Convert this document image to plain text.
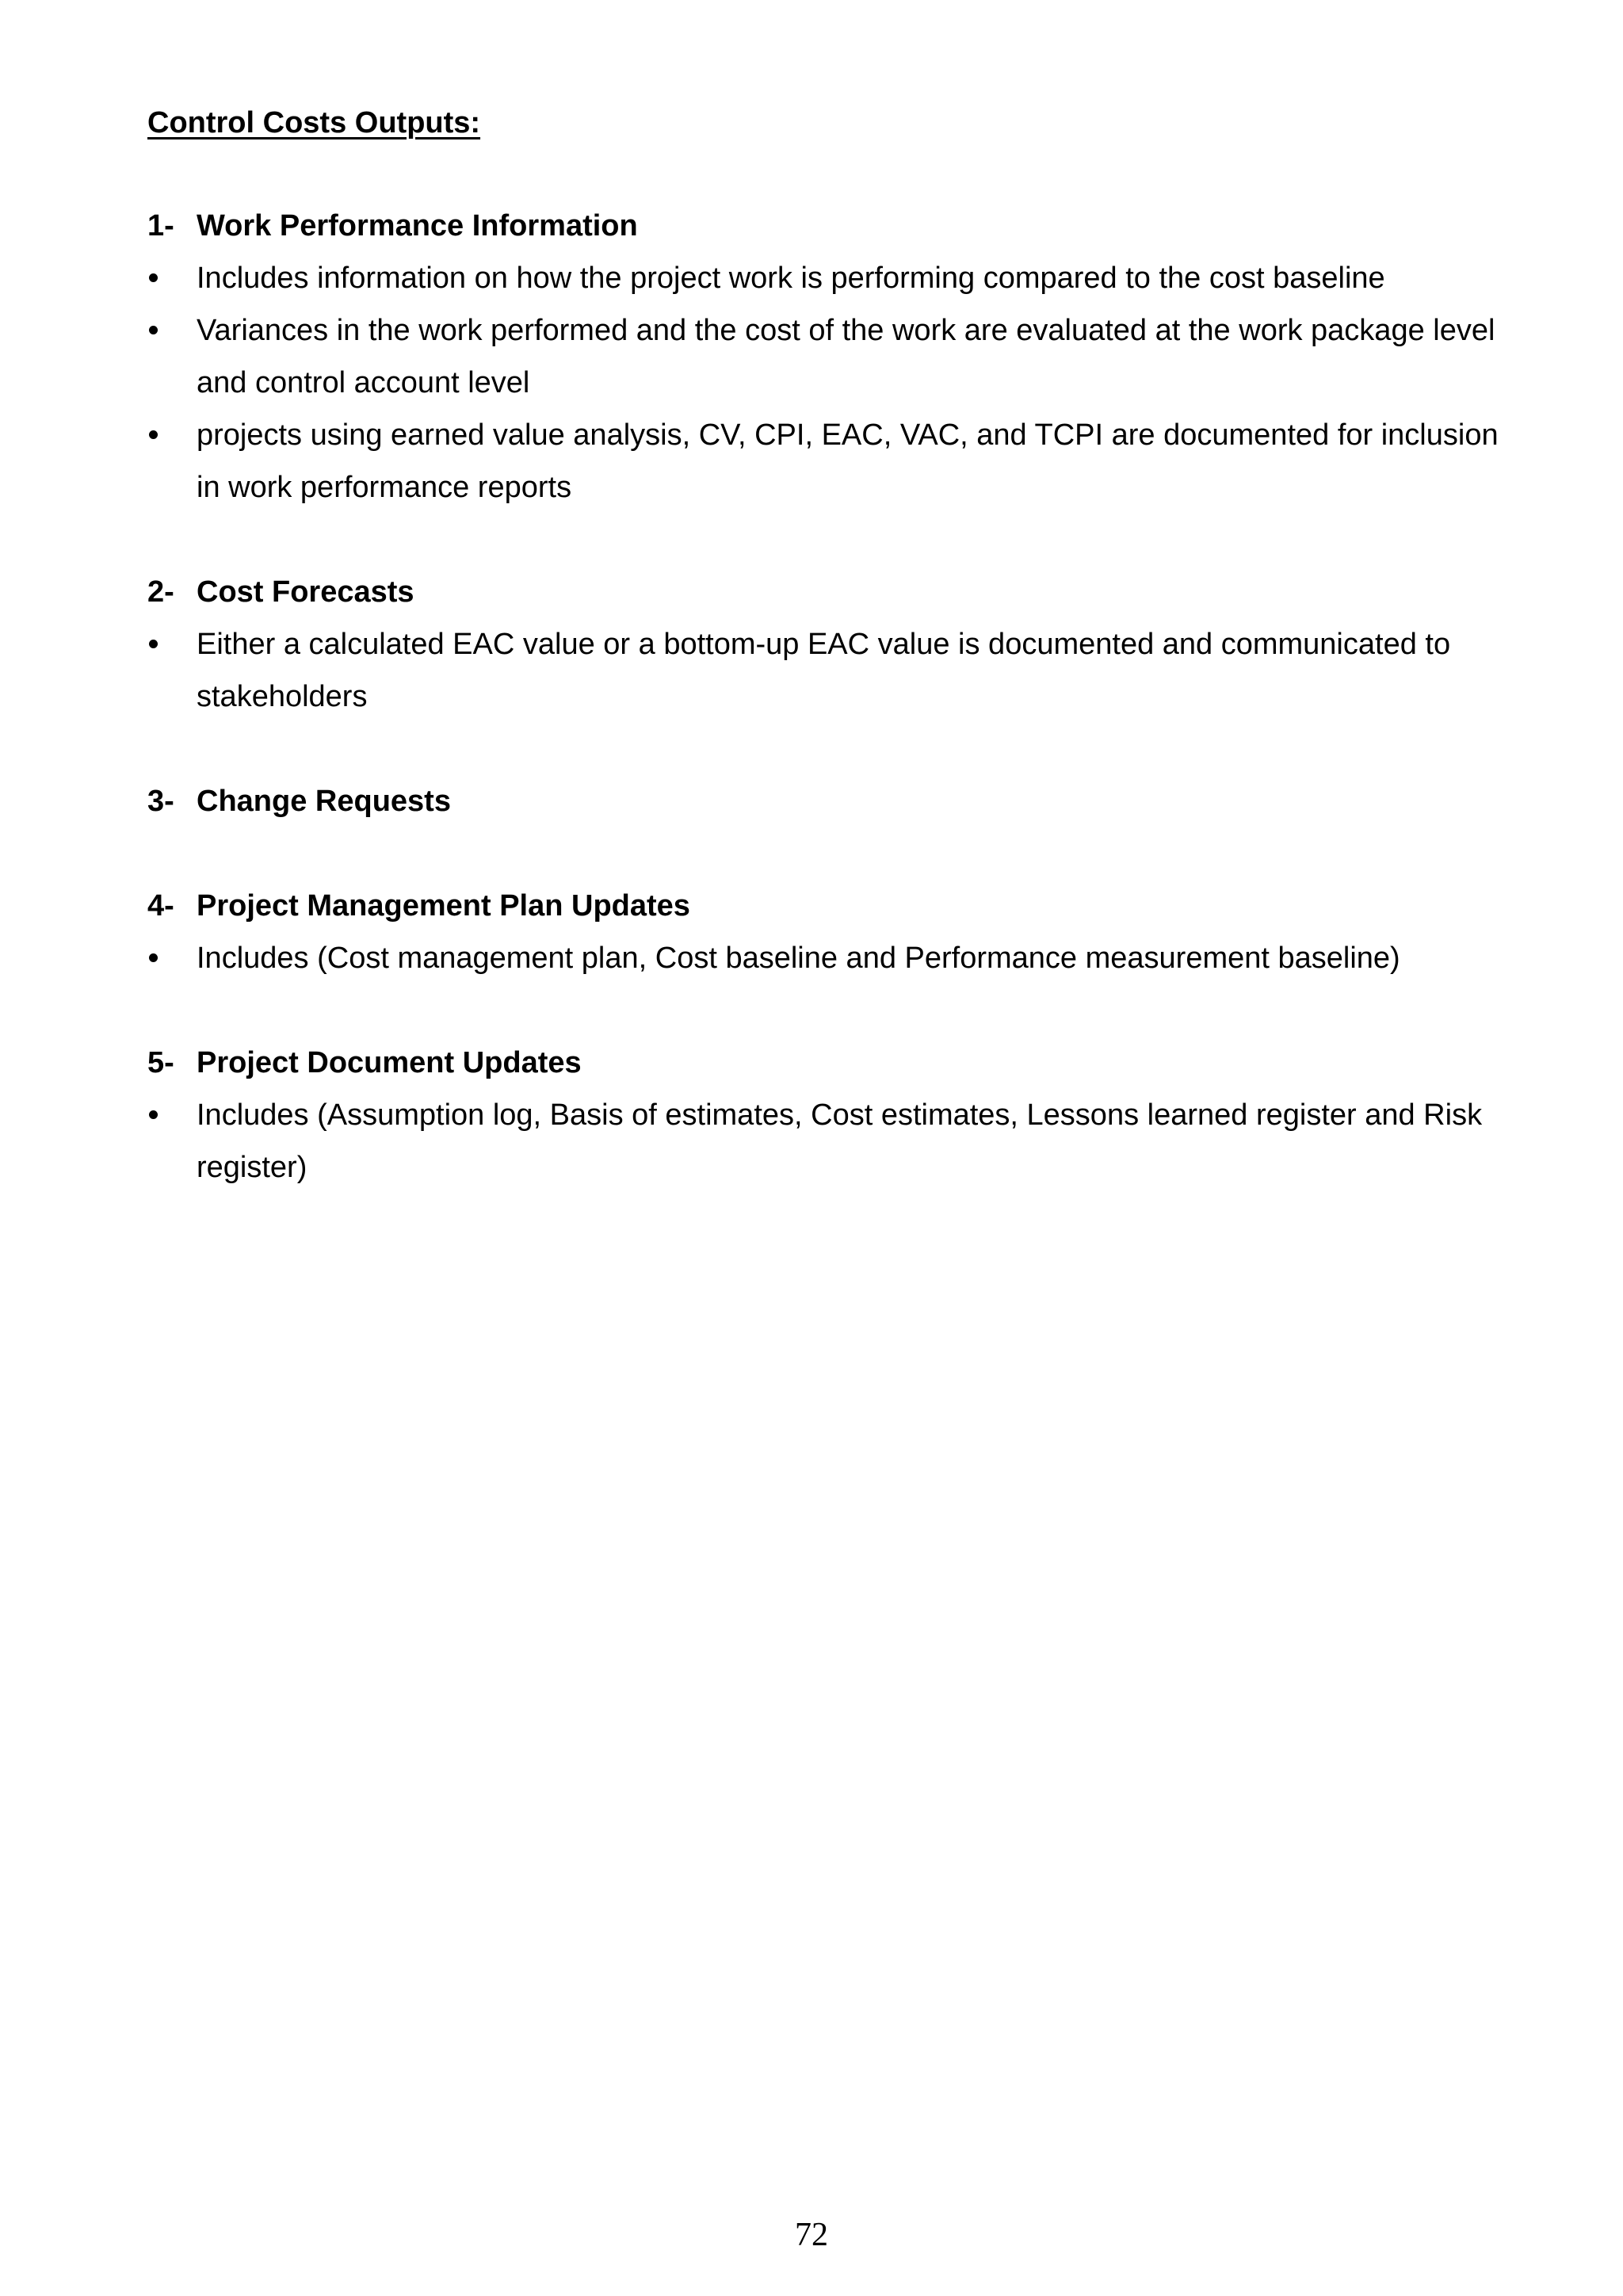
Control Costs Outputs:
1- Work Performance Information
Includes information on how the project work is performing compared to the cost baseline
Variances in the work performed and the cost of the work are evaluated at the work package level and control account level
projects using earned value analysis, CV, CPI, EAC, VAC, and TCPI are documented for inclusion in work performance reports
2- Cost Forecasts
Either a calculated EAC value or a bottom-up EAC value is documented and communicated to stakeholders
3- Change Requests
4- Project Management Plan Updates
Includes (Cost management plan, Cost baseline and Performance measurement baseline)
5- Project Document Updates
Includes (Assumption log, Basis of estimates, Cost estimates, Lessons learned register and Risk register)
72
